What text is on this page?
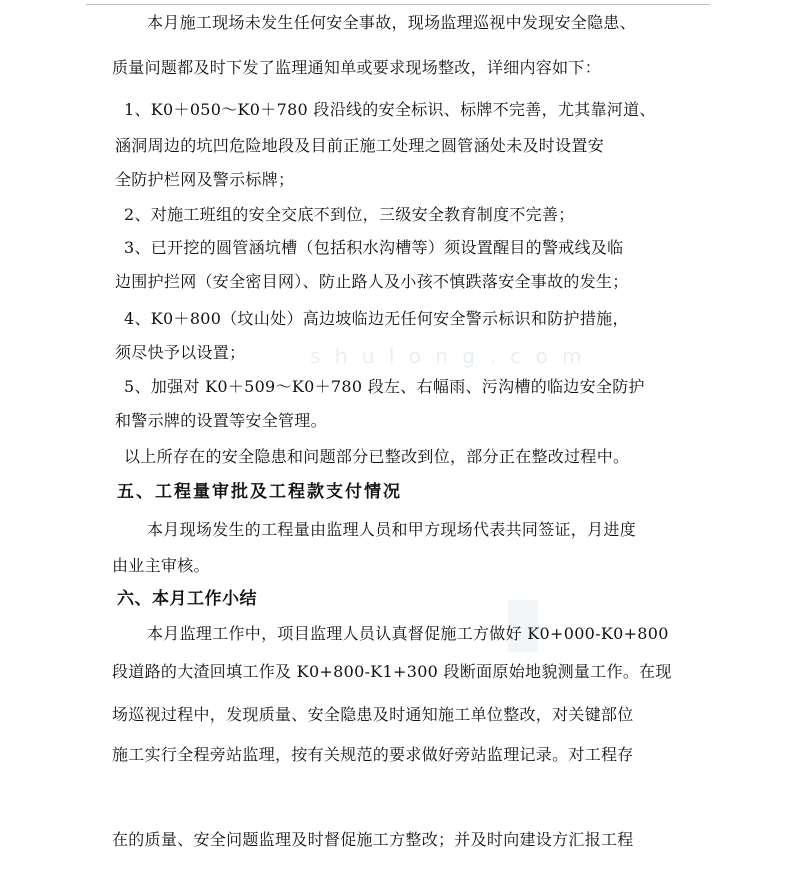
s h u l o n g . c o m
本月施工现场未发生任何安全事故，现场监理巡视中发现安全隐患、
质量问题都及时下发了监理通知单或要求现场整改，详细内容如下：
1、K0＋050～K0＋780 段沿线的安全标识、标牌不完善，尤其靠河道、
涵洞周边的坑凹危险地段及目前正施工处理之圆管涵处未及时设置安
全防护栏网及警示标牌；
2、对施工班组的安全交底不到位，三级安全教育制度不完善；
3、已开挖的圆管涵坑槽（包括积水沟槽等）须设置醒目的警戒线及临
边围护拦网（安全密目网）、防止路人及小孩不慎跌落安全事故的发生；
4、K0＋800（坟山处）高边坡临边无任何安全警示标识和防护措施，
须尽快予以设置；
5、加强对 K0＋509～K0＋780 段左、右幅雨、污沟槽的临边安全防护
和警示牌的设置等安全管理。
以上所存在的安全隐患和问题部分已整改到位，部分正在整改过程中。
五、工程量审批及工程款支付情况
本月现场发生的工程量由监理人员和甲方现场代表共同签证，月进度
由业主审核。
六、本月工作小结
本月监理工作中，项目监理人员认真督促施工方做好 K0+000-K0+800
段道路的大渣回填工作及 K0+800-K1+300 段断面原始地貌测量工作。在现
场巡视过程中，发现质量、安全隐患及时通知施工单位整改，对关键部位
施工实行全程旁站监理，按有关规范的要求做好旁站监理记录。对工程存
在的质量、安全问题监理及时督促施工方整改；并及时向建设方汇报工程
